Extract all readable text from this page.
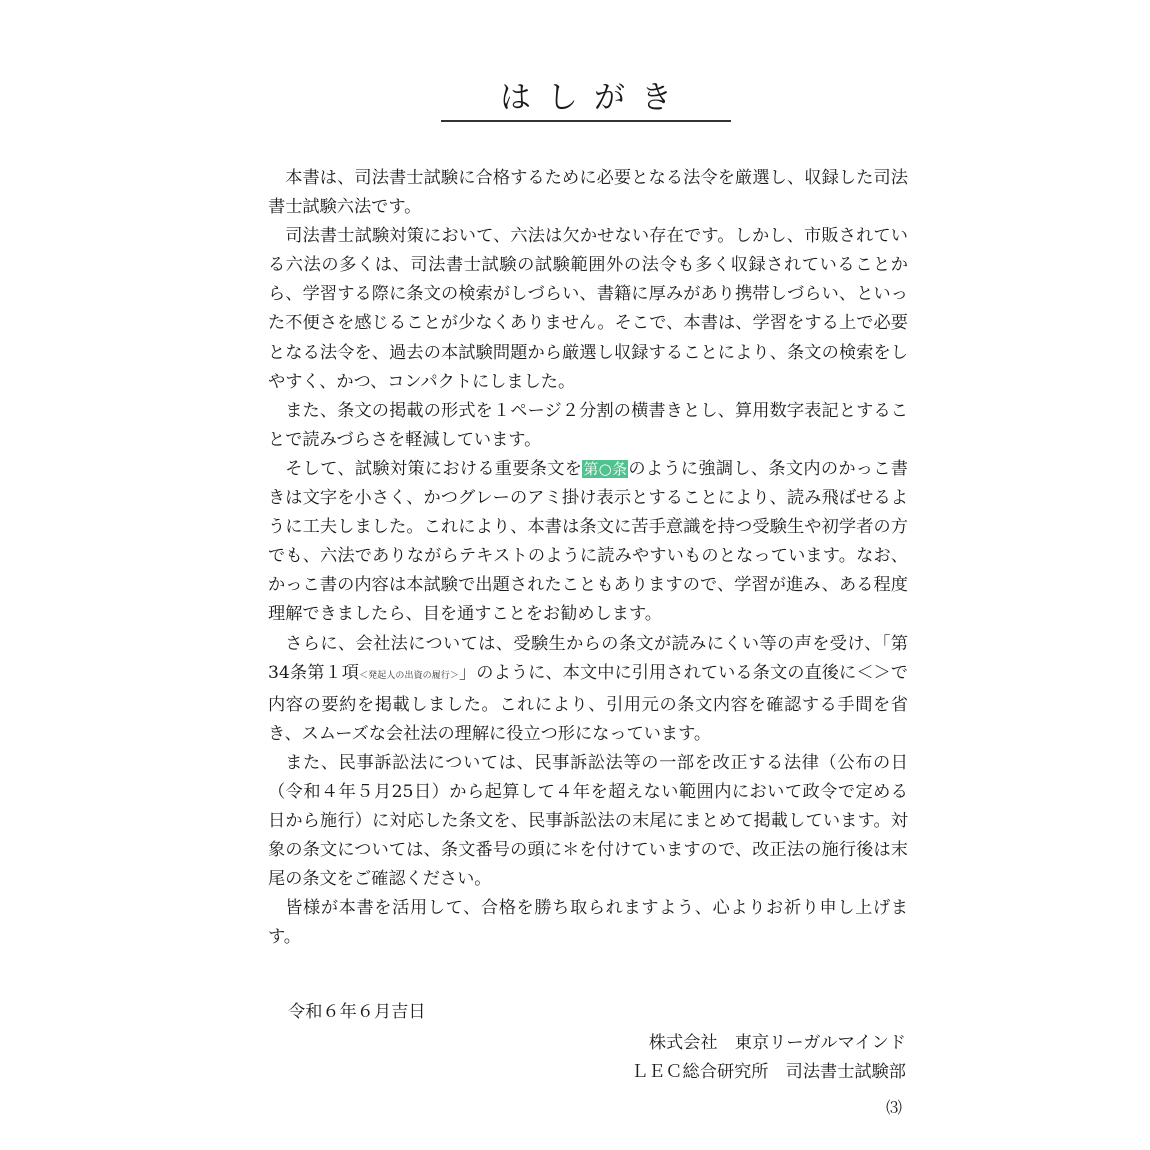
はしがき

本書は、司法書士試験に合格するために必要となる法令を厳選し、収録した司法書士試験六法です。

司法書士試験対策において、六法は欠かせない存在です。しかし、市販されている六法の多くは、司法書士試験の試験範囲外の法令も多く収録されていることから、学習する際に条文の検索がしづらい、書籍に厚みがあり携帯しづらい、といった不便さを感じることが少なくありません。そこで、本書は、学習をする上で必要となる法令を、過去の本試験問題から厳選し収録することにより、条文の検索をしやすく、かつ、コンパクトにしました。

また、条文の掲載の形式を１ページ２分割の横書きとし、算用数字表記とすることで読みづらさを軽減しています。

そして、試験対策における重要条文を第○条のように強調し、条文内のかっこ書きは文字を小さく、かつグレーのアミ掛け表示とすることにより、読み飛ばせるように工夫しました。これにより、本書は条文に苦手意識を持つ受験生や初学者の方でも、六法でありながらテキストのように読みやすいものとなっています。なお、かっこ書の内容は本試験で出題されたこともありますので、学習が進み、ある程度理解できましたら、目を通すことをお勧めします。

さらに、会社法については、受験生からの条文が読みにくい等の声を受け、「第34条第１項＜発起人の出資の履行＞」のように、本文中に引用されている条文の直後に＜＞で内容の要約を掲載しました。これにより、引用元の条文内容を確認する手間を省き、スムーズな会社法の理解に役立つ形になっています。

また、民事訴訟法については、民事訴訟法等の一部を改正する法律（公布の日（令和４年５月25日）から起算して４年を超えない範囲内において政令で定める日から施行）に対応した条文を、民事訴訟法の末尾にまとめて掲載しています。対象の条文については、条文番号の頭に＊を付けていますので、改正法の施行後は末尾の条文をご確認ください。

皆様が本書を活用して、合格を勝ち取られますよう、心よりお祈り申し上げます。

令和６年６月吉日
株式会社　東京リーガルマインド
ＬＥＣ総合研究所　司法書士試験部
⑶
